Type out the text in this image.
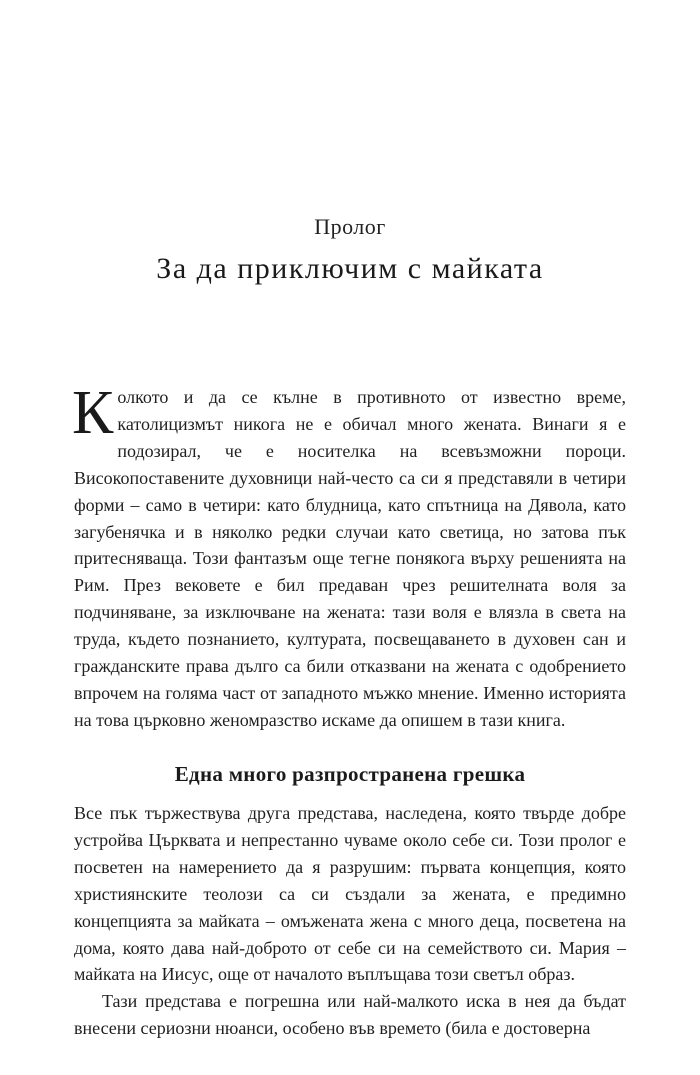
Пролог
За да приключим с майката

Колкото и да се кълне в противното от известно време, католицизмът никога не е обичал много жената. Винаги я е подозирал, че е носителка на всевъзможни пороци. Високопоставените духовници най-често са си я представяли в четири форми – само в четири: като блудница, като спътница на Дявола, като загубенячка и в няколко редки случаи като светица, но затова пък притесняваща. Този фантазъм още тегне понякога върху решенията на Рим. През вековете е бил предаван чрез решителната воля за подчиняване, за изключване на жената: тази воля е влязла в света на труда, където познанието, културата, посвещаването в духовен сан и гражданските права дълго са били отказвани на жената с одобрението впрочем на голяма част от западното мъжко мнение. Именно историята на това църковно женомразство искаме да опишем в тази книга.

Една много разпространена грешка

Все пък тържествува друга представа, наследена, която твърде добре устройва Църквата и непрестанно чуваме около себе си. Този пролог е посветен на намерението да я разрушим: първата концепция, която християнските теолози са си създали за жената, е предимно концепцията за майката – омъжената жена с много деца, посветена на дома, която дава най-доброто от себе си на семейството си. Мария – майката на Иисус, още от началото въплъщава този светъл образ.

Тази представа е погрешна или най-малкото иска в нея да бъдат внесени сериозни нюанси, особено във времето (била е достоверна
